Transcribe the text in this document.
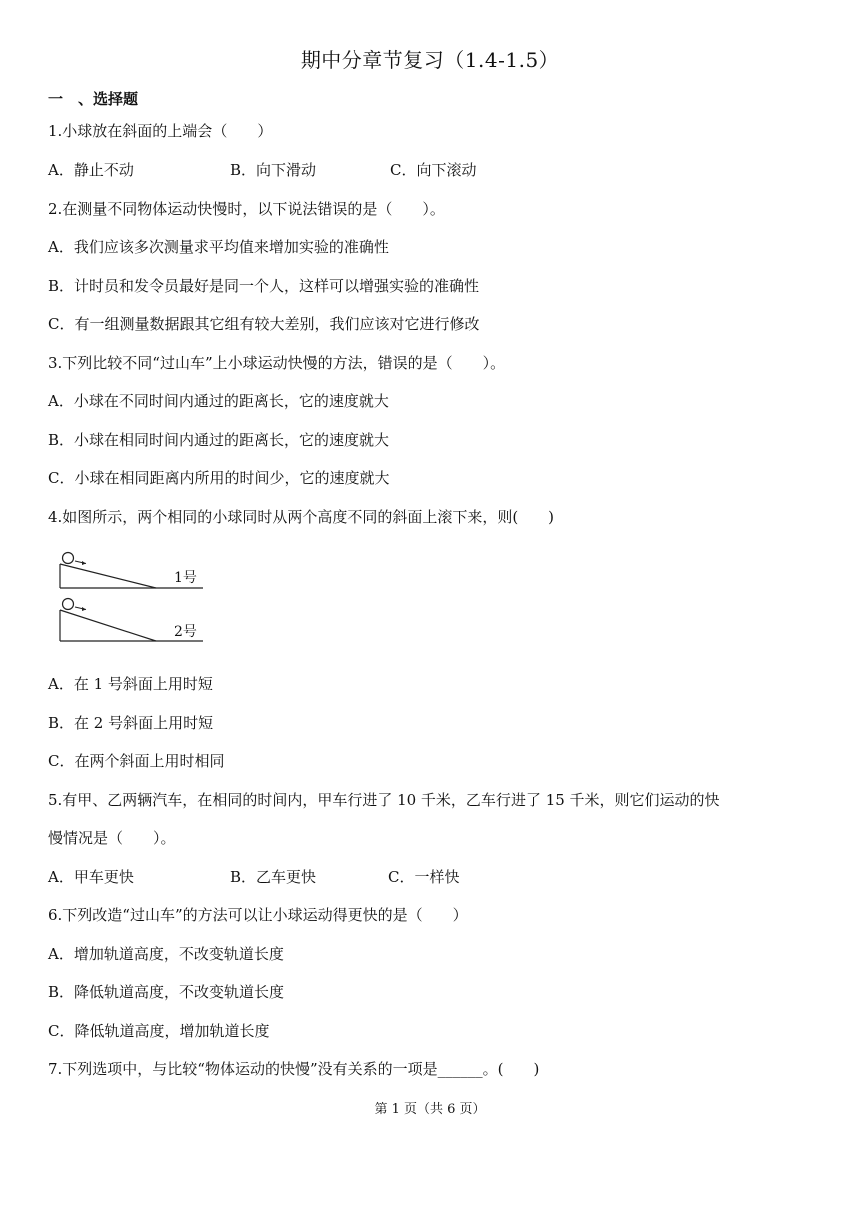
期中分章节复习（1.4-1.5）
一　、选择题
1.小球放在斜面的上端会（　　）
A．静止不动	B．向下滑动	C．向下滚动
2.在测量不同物体运动快慢时，以下说法错误的是（　　）。
A．我们应该多次测量求平均值来增加实验的准确性
B．计时员和发令员最好是同一个人，这样可以增强实验的准确性
C．有一组测量数据跟其它组有较大差别，我们应该对它进行修改
3.下列比较不同“过山车”上小球运动快慢的方法，错误的是（　　）。
A．小球在不同时间内通过的距离长，它的速度就大
B．小球在相同时间内通过的距离长，它的速度就大
C．小球在相同距离内所用的时间少，它的速度就大
4.如图所示，两个相同的小球同时从两个高度不同的斜面上滚下来，则(　　)
1号
2号
A．在 1 号斜面上用时短
B．在 2 号斜面上用时短
C．在两个斜面上用时相同
5.有甲、乙两辆汽车，在相同的时间内，甲车行进了 10 千米，乙车行进了 15 千米，则它们运动的快
慢情况是（　　）。
A．甲车更快	B．乙车更快	C．一样快
6.下列改造“过山车”的方法可以让小球运动得更快的是（　　）
A．增加轨道高度，不改变轨道长度
B．降低轨道高度，不改变轨道长度
C．降低轨道高度，增加轨道长度
7.下列选项中，与比较“物体运动的快慢”没有关系的一项是______。(　　)
第 1 页（共 6 页）
